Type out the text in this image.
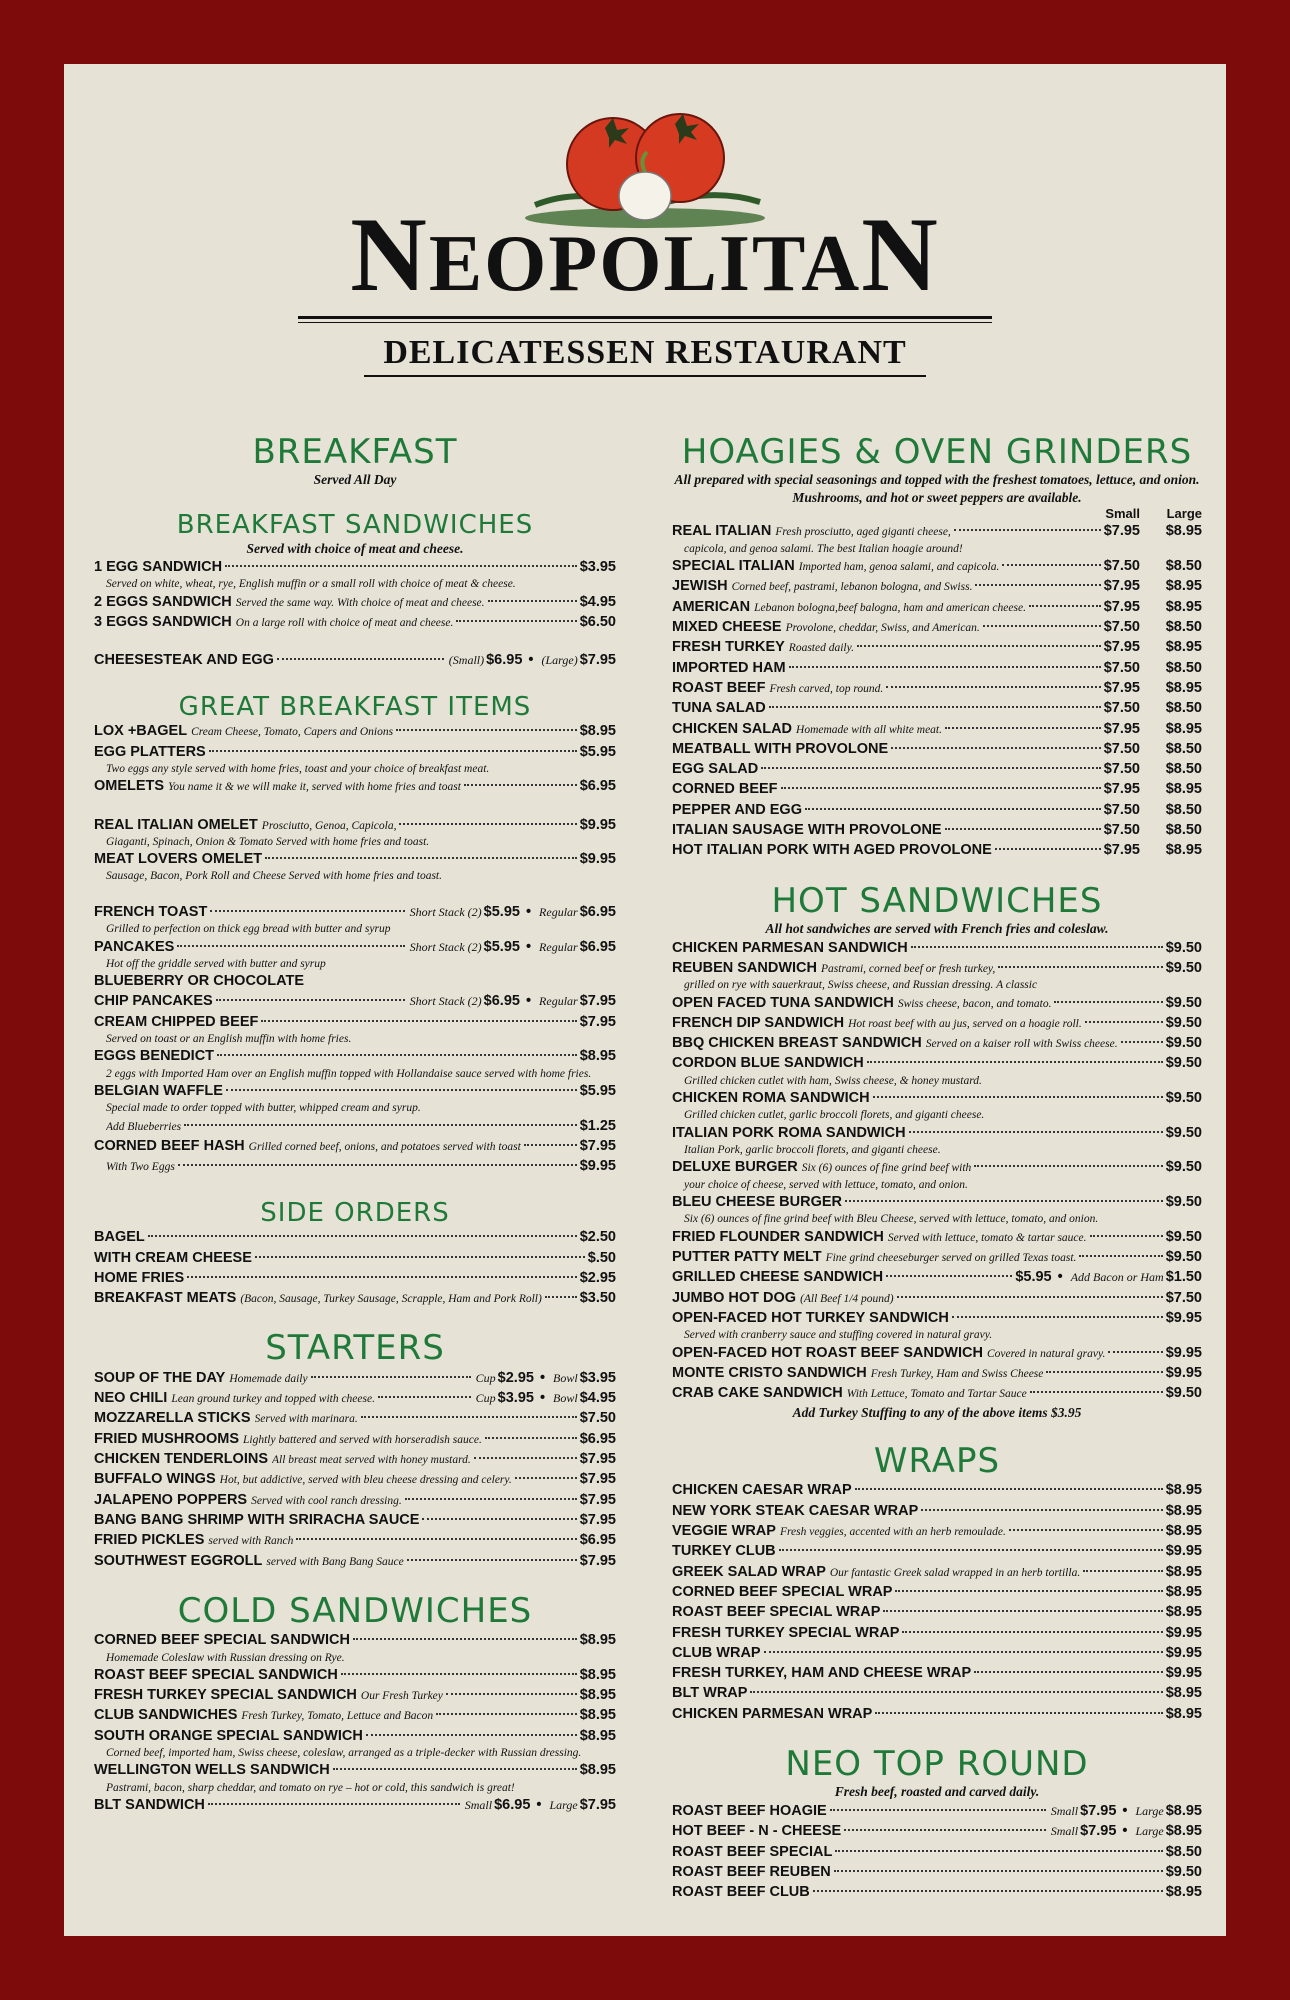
NEOPOLITAN
DELICATESSEN RESTAURANT
BREAKFAST
Served All Day
BREAKFAST SANDWICHES
Served with choice of meat and cheese.
1 EGG SANDWICH	$3.95
Served on white, wheat, rye, English muffin or a small roll with choice of meat & cheese.
2 EGGS SANDWICH Served the same way. With choice of meat and cheese.	$4.95
3 EGGS SANDWICH On a large roll with choice of meat and cheese.	$6.50
CHEESESTEAK AND EGG	(Small) $6.95 • (Large) $7.95
GREAT BREAKFAST ITEMS
LOX +BAGEL Cream Cheese, Tomato, Capers and Onions	$8.95
EGG PLATTERS	$5.95
Two eggs any style served with home fries, toast and your choice of breakfast meat.
OMELETS You name it & we will make it, served with home fries and toast	$6.95
REAL ITALIAN OMELET Prosciutto, Genoa, Capicola,	$9.95
Giaganti, Spinach, Onion & Tomato Served with home fries and toast.
MEAT LOVERS OMELET	$9.95
Sausage, Bacon, Pork Roll and Cheese Served with home fries and toast.
FRENCH TOAST	Short Stack (2) $5.95 • Regular $6.95
Grilled to perfection on thick egg bread with butter and syrup
PANCAKES	Short Stack (2) $5.95 • Regular $6.95
Hot off the griddle served with butter and syrup
BLUEBERRY OR CHOCOLATE
CHIP PANCAKES	Short Stack (2) $6.95 • Regular $7.95
CREAM CHIPPED BEEF	$7.95
Served on toast or an English muffin with home fries.
EGGS BENEDICT	$8.95
2 eggs with Imported Ham over an English muffin topped with Hollandaise sauce served with home fries.
BELGIAN WAFFLE	$5.95
Special made to order topped with butter, whipped cream and syrup.
Add Blueberries	$1.25
CORNED BEEF HASH Grilled corned beef, onions, and potatoes served with toast	$7.95
With Two Eggs	$9.95
SIDE ORDERS
BAGEL	$2.50
WITH CREAM CHEESE	$.50
HOME FRIES	$2.95
BREAKFAST MEATS (Bacon, Sausage, Turkey Sausage, Scrapple, Ham and Pork Roll)	$3.50
STARTERS
SOUP OF THE DAY Homemade daily	Cup $2.95 • Bowl $3.95
NEO CHILI Lean ground turkey and topped with cheese.	Cup $3.95 • Bowl $4.95
MOZZARELLA STICKS Served with marinara.	$7.50
FRIED MUSHROOMS Lightly battered and served with horseradish sauce.	$6.95
CHICKEN TENDERLOINS All breast meat served with honey mustard.	$7.95
BUFFALO WINGS Hot, but addictive, served with bleu cheese dressing and celery.	$7.95
JALAPENO POPPERS Served with cool ranch dressing.	$7.95
BANG BANG SHRIMP WITH SRIRACHA SAUCE	$7.95
FRIED PICKLES served with Ranch	$6.95
SOUTHWEST EGGROLL served with Bang Bang Sauce	$7.95
COLD SANDWICHES
CORNED BEEF SPECIAL SANDWICH	$8.95
Homemade Coleslaw with Russian dressing on Rye.
ROAST BEEF SPECIAL SANDWICH	$8.95
FRESH TURKEY SPECIAL SANDWICH Our Fresh Turkey	$8.95
CLUB SANDWICHES Fresh Turkey, Tomato, Lettuce and Bacon	$8.95
SOUTH ORANGE SPECIAL SANDWICH	$8.95
Corned beef, imported ham, Swiss cheese, coleslaw, arranged as a triple-decker with Russian dressing.
WELLINGTON WELLS SANDWICH	$8.95
Pastrami, bacon, sharp cheddar, and tomato on rye – hot or cold, this sandwich is great!
BLT SANDWICH	Small $6.95 • Large $7.95
HOAGIES & OVEN GRINDERS
All prepared with special seasonings and topped with the freshest tomatoes, lettuce, and onion. Mushrooms, and hot or sweet peppers are available.
Small	Large
REAL ITALIAN Fresh prosciutto, aged giganti cheese,	$7.95	$8.95
capicola, and genoa salami. The best Italian hoagie around!
SPECIAL ITALIAN Imported ham, genoa salami, and capicola.	$7.50	$8.50
JEWISH Corned beef, pastrami, lebanon bologna, and Swiss.	$7.95	$8.95
AMERICAN Lebanon bologna,beef balogna, ham and american cheese.	$7.95	$8.95
MIXED CHEESE Provolone, cheddar, Swiss, and American.	$7.50	$8.50
FRESH TURKEY Roasted daily.	$7.95	$8.95
IMPORTED HAM	$7.50	$8.50
ROAST BEEF Fresh carved, top round.	$7.95	$8.95
TUNA SALAD	$7.50	$8.50
CHICKEN SALAD Homemade with all white meat.	$7.95	$8.95
MEATBALL WITH PROVOLONE	$7.50	$8.50
EGG SALAD	$7.50	$8.50
CORNED BEEF	$7.95	$8.95
PEPPER AND EGG	$7.50	$8.50
ITALIAN SAUSAGE WITH PROVOLONE	$7.50	$8.50
HOT ITALIAN PORK WITH AGED PROVOLONE	$7.95	$8.95
HOT SANDWICHES
All hot sandwiches are served with French fries and coleslaw.
CHICKEN PARMESAN SANDWICH	$9.50
REUBEN SANDWICH Pastrami, corned beef or fresh turkey,	$9.50
grilled on rye with sauerkraut, Swiss cheese, and Russian dressing. A classic
OPEN FACED TUNA SANDWICH Swiss cheese, bacon, and tomato.	$9.50
FRENCH DIP SANDWICH Hot roast beef with au jus, served on a hoagie roll.	$9.50
BBQ CHICKEN BREAST SANDWICH Served on a kaiser roll with Swiss cheese.	$9.50
CORDON BLUE SANDWICH	$9.50
Grilled chicken cutlet with ham, Swiss cheese, & honey mustard.
CHICKEN ROMA SANDWICH	$9.50
Grilled chicken cutlet, garlic broccoli florets, and giganti cheese.
ITALIAN PORK ROMA SANDWICH	$9.50
Italian Pork, garlic broccoli florets, and giganti cheese.
DELUXE BURGER Six (6) ounces of fine grind beef with	$9.50
your choice of cheese, served with lettuce, tomato, and onion.
BLEU CHEESE BURGER	$9.50
Six (6) ounces of fine grind beef with Bleu Cheese, served with lettuce, tomato, and onion.
FRIED FLOUNDER SANDWICH Served with lettuce, tomato & tartar sauce.	$9.50
PUTTER PATTY MELT Fine grind cheeseburger served on grilled Texas toast.	$9.50
GRILLED CHEESE SANDWICH	$5.95 • Add Bacon or Ham $1.50
JUMBO HOT DOG (All Beef 1/4 pound)	$7.50
OPEN-FACED HOT TURKEY SANDWICH	$9.95
Served with cranberry sauce and stuffing covered in natural gravy.
OPEN-FACED HOT ROAST BEEF SANDWICH Covered in natural gravy.	$9.95
MONTE CRISTO SANDWICH Fresh Turkey, Ham and Swiss Cheese	$9.95
CRAB CAKE SANDWICH With Lettuce, Tomato and Tartar Sauce	$9.50
Add Turkey Stuffing to any of the above items $3.95
WRAPS
CHICKEN CAESAR WRAP	$8.95
NEW YORK STEAK CAESAR WRAP	$8.95
VEGGIE WRAP Fresh veggies, accented with an herb remoulade.	$8.95
TURKEY CLUB	$9.95
GREEK SALAD WRAP Our fantastic Greek salad wrapped in an herb tortilla.	$8.95
CORNED BEEF SPECIAL WRAP	$8.95
ROAST BEEF SPECIAL WRAP	$8.95
FRESH TURKEY SPECIAL WRAP	$9.95
CLUB WRAP	$9.95
FRESH TURKEY, HAM AND CHEESE WRAP	$9.95
BLT WRAP	$8.95
CHICKEN PARMESAN WRAP	$8.95
NEO TOP ROUND
Fresh beef, roasted and carved daily.
ROAST BEEF HOAGIE	Small $7.95 • Large $8.95
HOT BEEF - N - CHEESE	Small $7.95 • Large $8.95
ROAST BEEF SPECIAL	$8.50
ROAST BEEF REUBEN	$9.50
ROAST BEEF CLUB	$8.95
